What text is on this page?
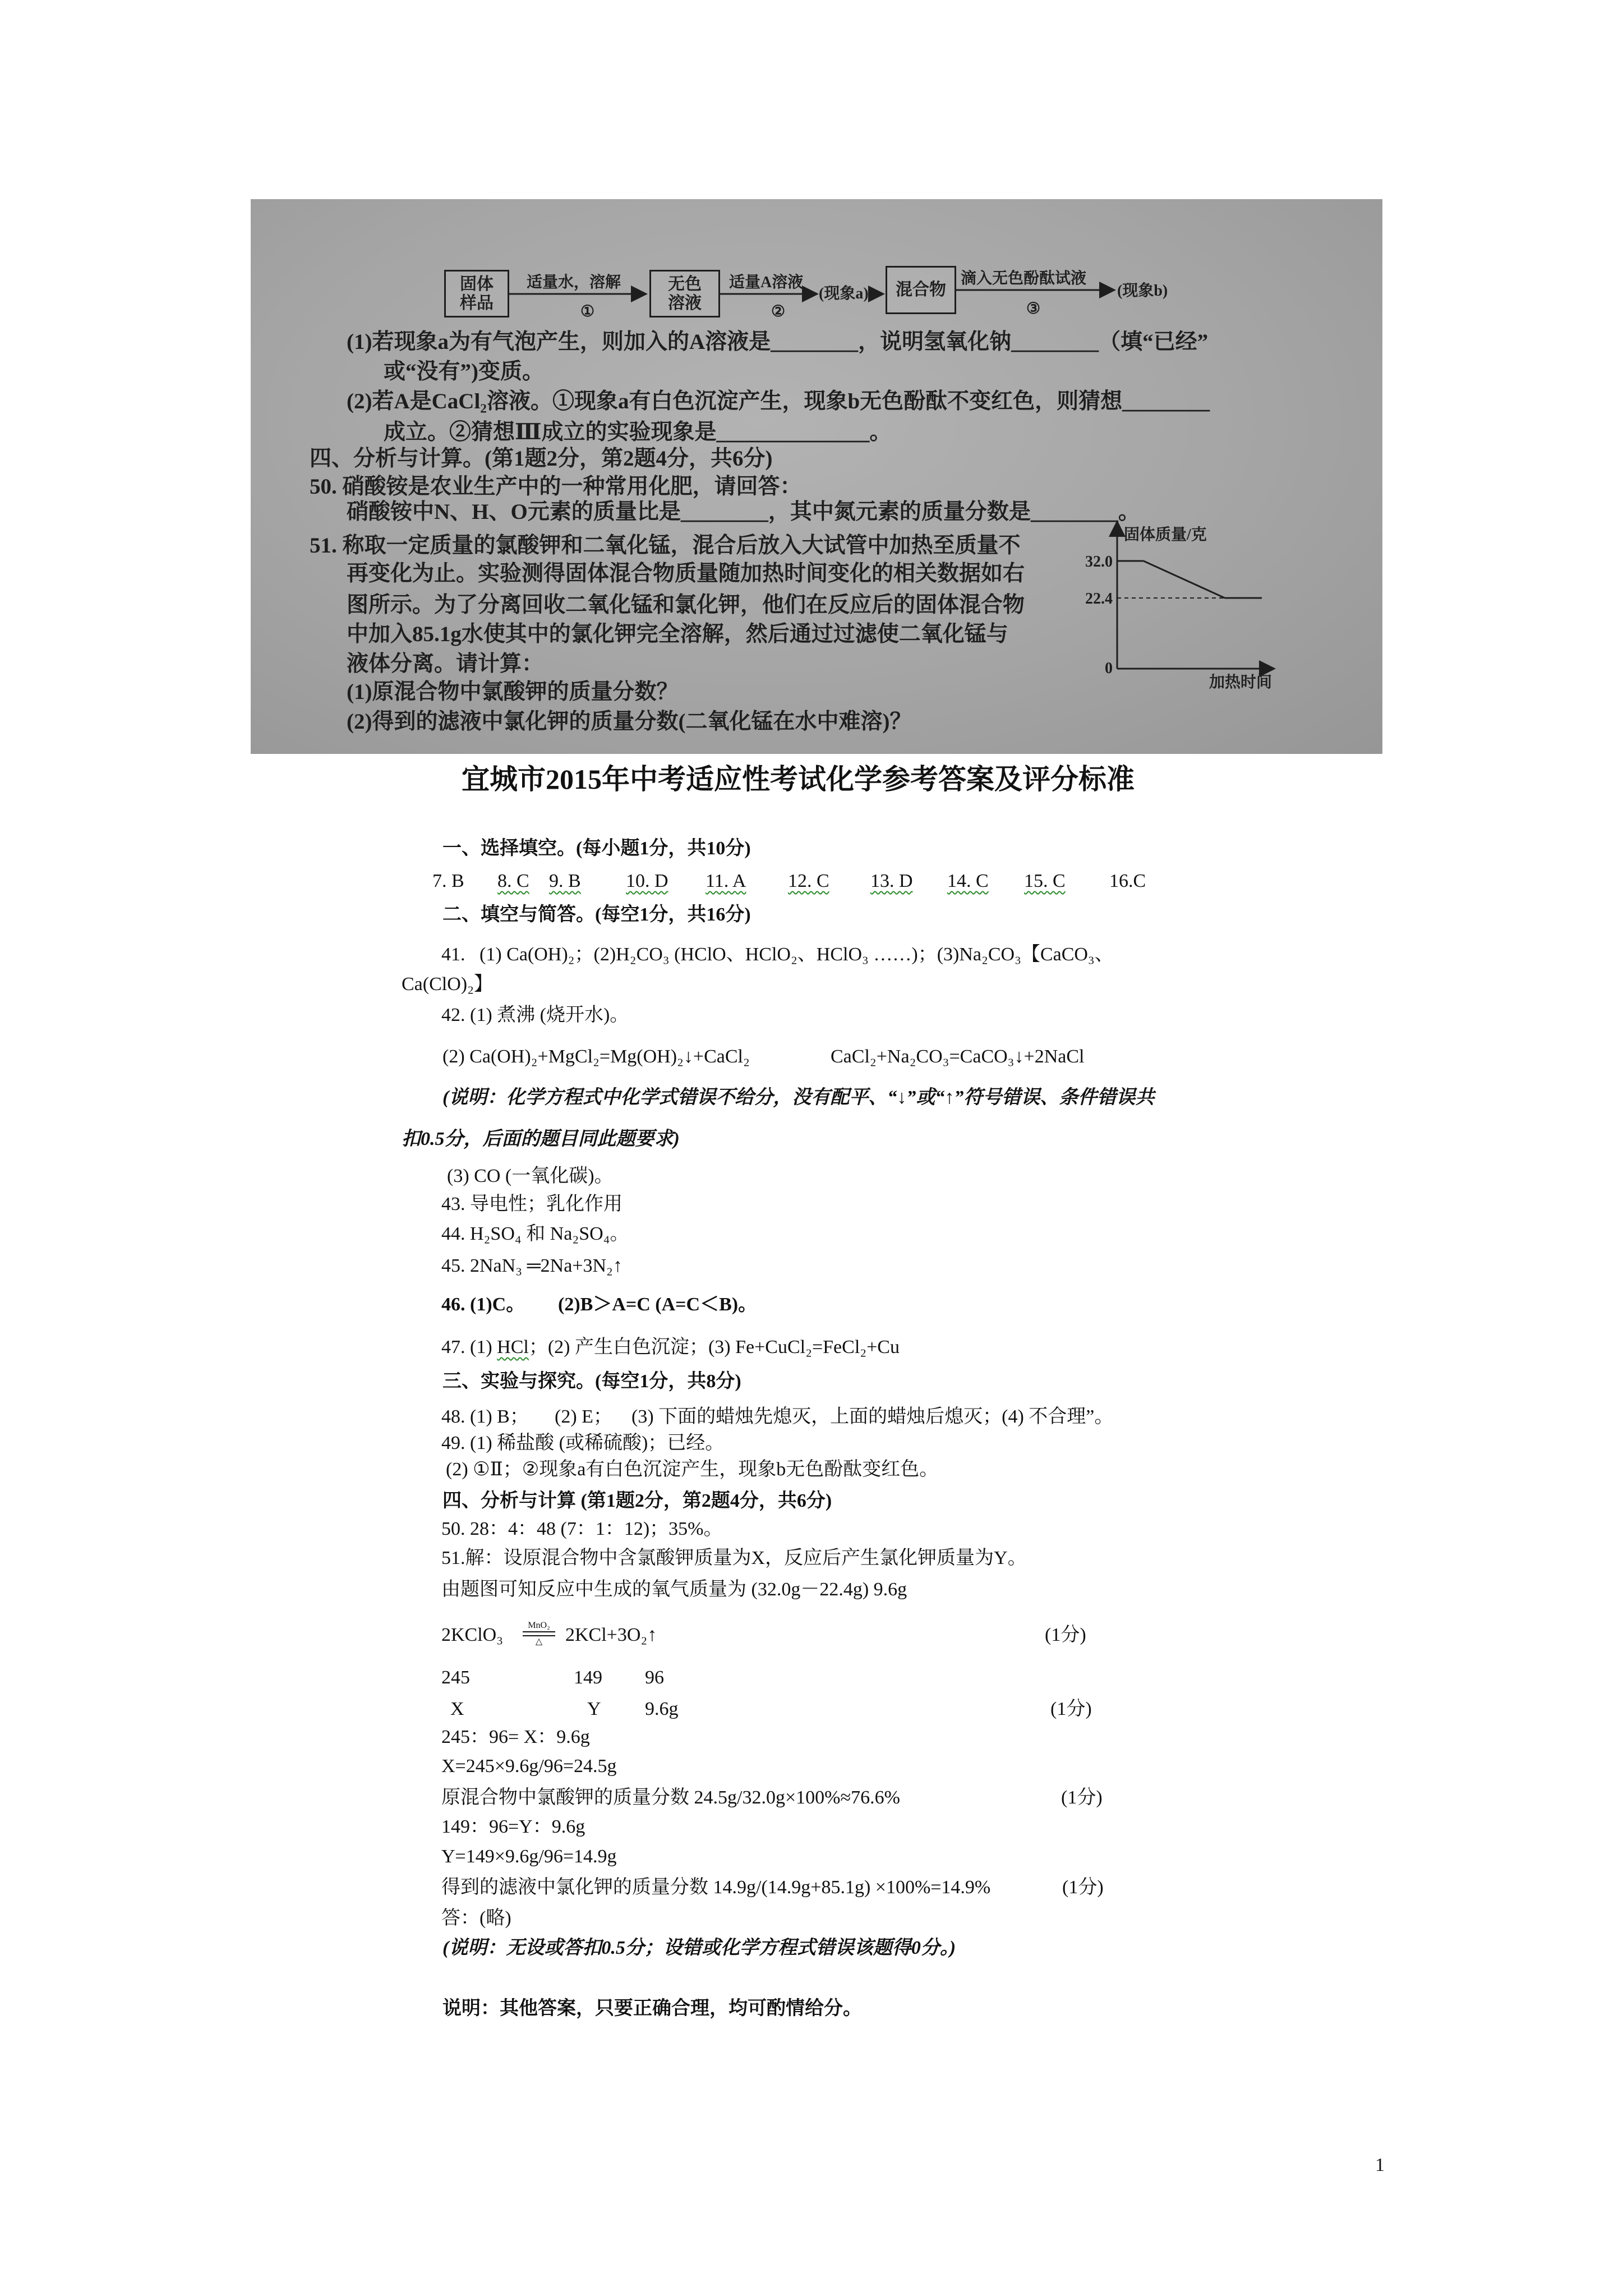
固体
样品
适量水，溶解
①
无色
溶液
适量A溶液
②
(现象a) 混合物
滴入无色酚酞试液
③
(现象b)
(1)若现象a为有气泡产生，则加入的A溶液是________，说明氢氧化钠________（填“已经”
或“没有”)变质。
(2)若A是CaCl₂溶液。①现象a有白色沉淀产生，现象b无色酚酞不变红色，则猜想________
成立。②猜想Ⅲ成立的实验现象是______________。
四、分析与计算。(第1题2分，第2题4分，共6分)
50. 硝酸铵是农业生产中的一种常用化肥，请回答：
硝酸铵中N、H、O元素的质量比是________，其中氮元素的质量分数是________。
51. 称取一定质量的氯酸钾和二氧化锰，混合后放入大试管中加热至质量不
再变化为止。实验测得固体混合物质量随加热时间变化的相关数据如右
图所示。为了分离回收二氧化锰和氯化钾，他们在反应后的固体混合物
中加入85.1g水使其中的氯化钾完全溶解，然后通过过滤使二氧化锰与
液体分离。请计算：
(1)原混合物中氯酸钾的质量分数？
(2)得到的滤液中氯化钾的质量分数(二氧化锰在水中难溶)？
固体质量/克
32.0
22.4
0
加热时间
宜城市2015年中考适应性考试化学参考答案及评分标准
一、选择填空。(每小题1分，共10分)
7. B 8. C 9. B 10. D 11. A 12. C 13. D 14. C 15. C 16.C
二、填空与简答。(每空1分，共16分)
41. (1) Ca(OH)₂；(2)H₂CO₃ (HClO、HClO₂、HClO₃ ……)；(3)Na₂CO₃【CaCO₃、
Ca(ClO)₂】
42. (1) 煮沸 (烧开水)。
(2) Ca(OH)₂+MgCl₂=Mg(OH)₂↓+CaCl₂	CaCl₂+Na₂CO₃=CaCO₃↓+2NaCl
(说明：化学方程式中化学式错误不给分，没有配平、“↓”或“↑”符号错误、条件错误共
扣0.5分，后面的题目同此题要求)
(3) CO (一氧化碳)。
43. 导电性；乳化作用
44. H₂SO₄ 和 Na₂SO₄。
45. 2NaN₃ ═2Na+3N₂↑
46. (1)C。 (2)B＞A=C (A=C＜B)。
47. (1) HCl；(2) 产生白色沉淀；(3) Fe+CuCl₂=FeCl₂+Cu
三、实验与探究。(每空1分，共8分)
48. (1) B； (2) E； (3) 下面的蜡烛先熄灭，上面的蜡烛后熄灭；(4) 不合理”。
49. (1) 稀盐酸 (或稀硫酸)；已经。
(2) ①Ⅱ；②现象a有白色沉淀产生，现象b无色酚酞变红色。
四、分析与计算 (第1题2分，第2题4分，共6分)
50. 28：4：48 (7：1：12)；35%。
51.解：设原混合物中含氯酸钾质量为X，反应后产生氯化钾质量为Y。
由题图可知反应中生成的氧气质量为 (32.0g－22.4g) 9.6g
2KClO₃	MnO₂
△	2KCl+3O₂↑	(1分)
245	149 96
X	Y 9.6g	(1分)
245：96= X：9.6g
X=245×9.6g/96=24.5g
原混合物中氯酸钾的质量分数 24.5g/32.0g×100%≈76.6%	(1分)
149：96=Y：9.6g
Y=149×9.6g/96=14.9g
得到的滤液中氯化钾的质量分数 14.9g/(14.9g+85.1g) ×100%=14.9%	(1分)
答：(略)
(说明：无设或答扣0.5分；设错或化学方程式错误该题得0分。)
说明：其他答案，只要正确合理，均可酌情给分。
1
